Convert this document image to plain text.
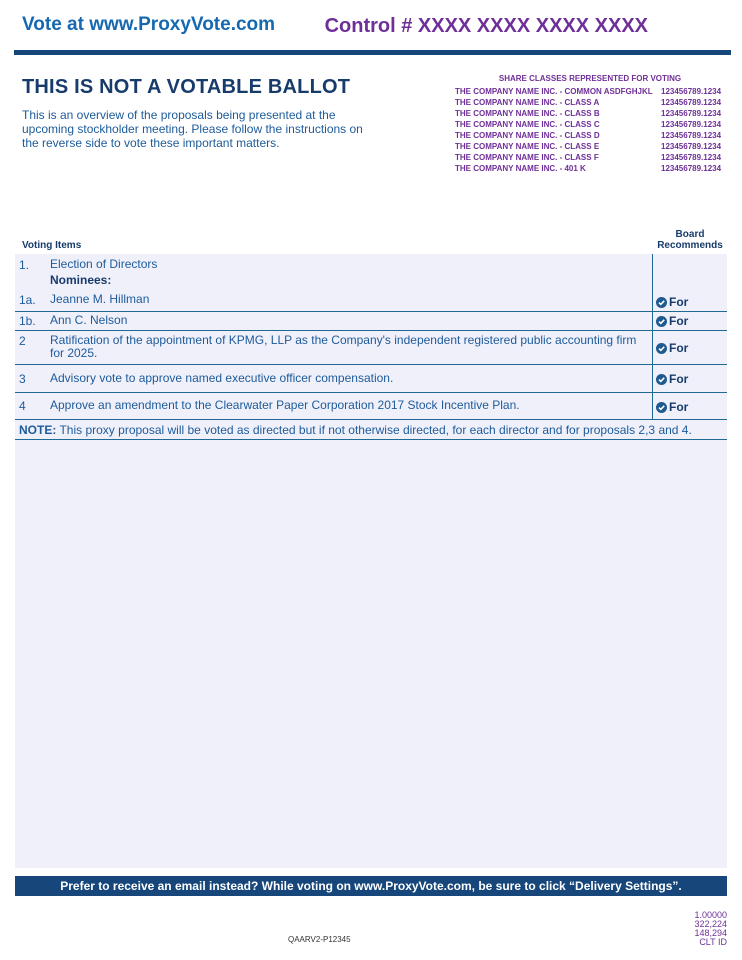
Vote at www.ProxyVote.com Control # XXXX XXXX XXXX XXXX
THIS IS NOT A VOTABLE BALLOT
This is an overview of the proposals being presented at the upcoming stockholder meeting. Please follow the instructions on the reverse side to vote these important matters.
SHARE CLASSES REPRESENTED FOR VOTING
THE COMPANY NAME INC. - COMMON ASDFGHJKL 123456789.1234
THE COMPANY NAME INC. - CLASS A	123456789.1234
THE COMPANY NAME INC. - CLASS B	123456789.1234
THE COMPANY NAME INC. - CLASS C	123456789.1234
THE COMPANY NAME INC. - CLASS D	123456789.1234
THE COMPANY NAME INC. - CLASS E	123456789.1234
THE COMPANY NAME INC. - CLASS F	123456789.1234
THE COMPANY NAME INC. - 401 K	123456789.1234
Voting Items
Board
Recommends
1. Election of Directors
Nominees:
1a. Jeanne M. Hillman	For
1b. Ann C. Nelson	For
2 Ratification of the appointment of KPMG, LLP as the Company's independent registered public accounting firm for 2025.	For
3 Advisory vote to approve named executive officer compensation.	For
4 Approve an amendment to the Clearwater Paper Corporation 2017 Stock Incentive Plan.	For
NOTE: This proxy proposal will be voted as directed but if not otherwise directed, for each director and for proposals 2,3 and 4.
Prefer to receive an email instead? While voting on www.ProxyVote.com, be sure to click “Delivery Settings”.
QAARV2-P12345
1.00000
322,224
148,294
CLT ID
